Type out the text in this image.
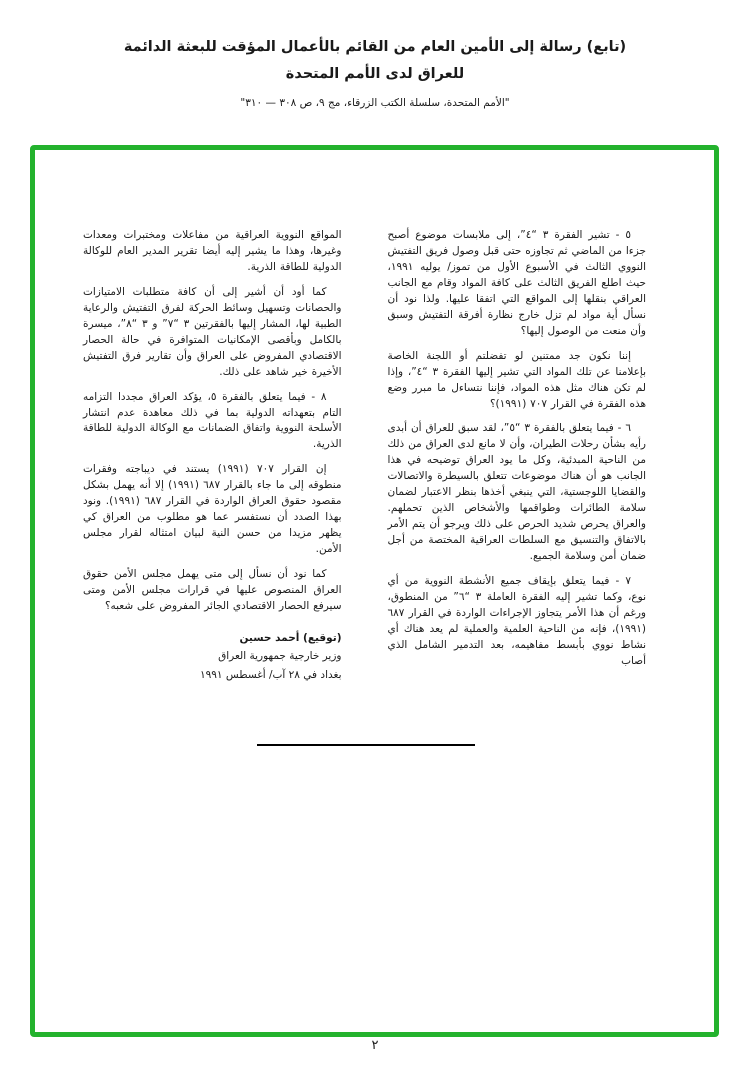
(تابع) رسالة إلى الأمين العام من القائم بالأعمال المؤقت للبعثة الدائمة
للعراق لدى الأمم المتحدة
"الأمم المتحدة، سلسلة الكتب الزرقاء، مج ٩، ص ٣٠٨ — ٣١٠"

٥ - تشير الفقرة ٣ “٤”، إلى ملابسات موضوع أصبح جزءا من الماضي ثم تجاوزه حتى قبل وصول فريق التفتيش النووي الثالث في الأسبوع الأول من تموز/ يوليه ١٩٩١، حيث اطلع الفريق الثالث على كافة المواد وقام مع الجانب العراقي بنقلها إلى المواقع التي اتفقا عليها. ولذا نود أن نسأل أية مواد لم تزل خارج نظارة أفرقة التفتيش وسبق وأن منعت من الوصول إليها؟

إننا نكون جد ممتنين لو تفضلتم أو اللجنة الخاصة بإعلامنا عن تلك المواد التي تشير إليها الفقرة ٣ “٤”، وإذا لم تكن هناك مثل هذه المواد، فإننا نتساءل ما مبرر وضع هذه الفقرة في القرار ٧٠٧ (١٩٩١)؟

٦ - فيما يتعلق بالفقرة ٣ “٥”، لقد سبق للعراق أن أبدى رأيه بشأن رحلات الطيران، وأن لا مانع لدى العراق من ذلك من الناحية المبدئية، وكل ما يود العراق توضيحه في هذا الجانب هو أن هناك موضوعات تتعلق بالسيطرة والاتصالات والقضايا اللوجستية، التي ينبغي أخذها بنظر الاعتبار لضمان سلامة الطائرات وطواقمها والأشخاص الذين تحملهم. والعراق يحرص شديد الحرص على ذلك ويرجو أن يتم الأمر بالاتفاق والتنسيق مع السلطات العراقية المختصة من أجل ضمان أمن وسلامة الجميع.

٧ - فيما يتعلق بإيقاف جميع الأنشطة النووية من أي نوع، وكما تشير إليه الفقرة العاملة ٣ “٦” من المنطوق، ورغم أن هذا الأمر يتجاوز الإجراءات الواردة في القرار ٦٨٧ (١٩٩١)، فإنه من الناحية العلمية والعملية لم يعد هناك أي نشاط نووي بأبسط مفاهيمه، بعد التدمير الشامل الذي أصاب

المواقع النووية العراقية من مفاعلات ومختبرات ومعدات وغيرها، وهذا ما يشير إليه أيضا تقرير المدير العام للوكالة الدولية للطاقة الذرية.

كما أود أن أشير إلى أن كافة متطلبات الامتيازات والحصانات وتسهيل وسائط الحركة لفرق التفتيش والرعاية الطبية لها، المشار إليها بالفقرتين ٣ “٧” و ٣ “٨”، ميسرة بالكامل وبأقصى الإمكانيات المتوافرة في حالة الحصار الاقتصادي المفروض على العراق وأن تقارير فرق التفتيش الأخيرة خير شاهد على ذلك.

٨ - فيما يتعلق بالفقرة ٥، يؤكد العراق مجددا التزامه التام بتعهداته الدولية بما في ذلك معاهدة عدم انتشار الأسلحة النووية واتفاق الضمانات مع الوكالة الدولية للطاقة الذرية.

إن القرار ٧٠٧ (١٩٩١) يستند في ديباجته وفقرات منطوقه إلى ما جاء بالقرار ٦٨٧ (١٩٩١) إلا أنه يهمل بشكل مقصود حقوق العراق الواردة في القرار ٦٨٧ (١٩٩١). ونود بهذا الصدد أن نستفسر عما هو مطلوب من العراق كي يظهر مزيدا من حسن النية لبيان امتثاله لقرار مجلس الأمن.

كما نود أن نسأل إلى متى يهمل مجلس الأمن حقوق العراق المنصوص عليها في قرارات مجلس الأمن ومتى سيرفع الحصار الاقتصادي الجائر المفروض على شعبه؟

(توقيع) أحمد حسين
وزير خارجية جمهورية العراق
بغداد في ٢٨ آب/ أغسطس ١٩٩١
٢
